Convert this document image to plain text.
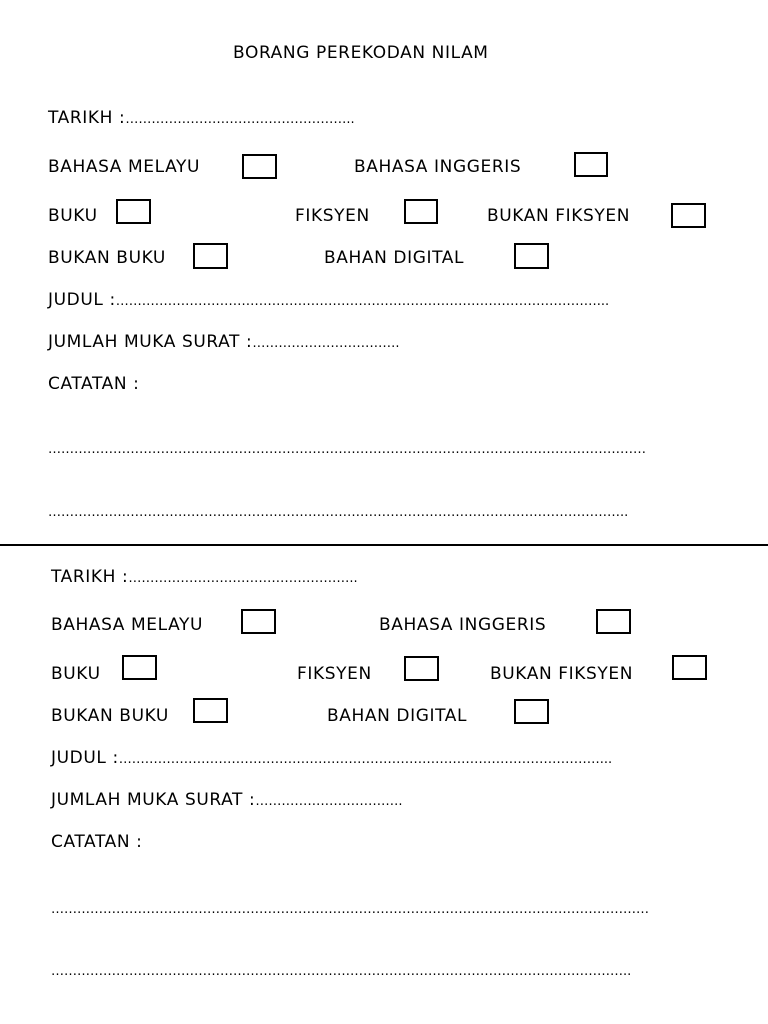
BORANG PEREKODAN NILAM
TARIKH :……………………………………………..
BAHASA MELAYU	BAHASA INGGERIS
BUKU	FIKSYEN	BUKAN FIKSYEN
BUKAN BUKU	BAHAN DIGITAL
JUDUL :…………………………………………………………………………………………………...
JUMLAH MUKA SURAT :…………………………….
CATATAN :
…………………………………………………………………………………………………………………………
……………………………………………………………………………………………………………………..
TARIKH :……………………………………………..
BAHASA MELAYU	BAHASA INGGERIS
BUKU	FIKSYEN	BUKAN FIKSYEN
BUKAN BUKU	BAHAN DIGITAL
JUDUL :…………………………………………………………………………………………………...
JUMLAH MUKA SURAT :…………………………….
CATATAN :
…………………………………………………………………………………………………………………………
……………………………………………………………………………………………………………………..
